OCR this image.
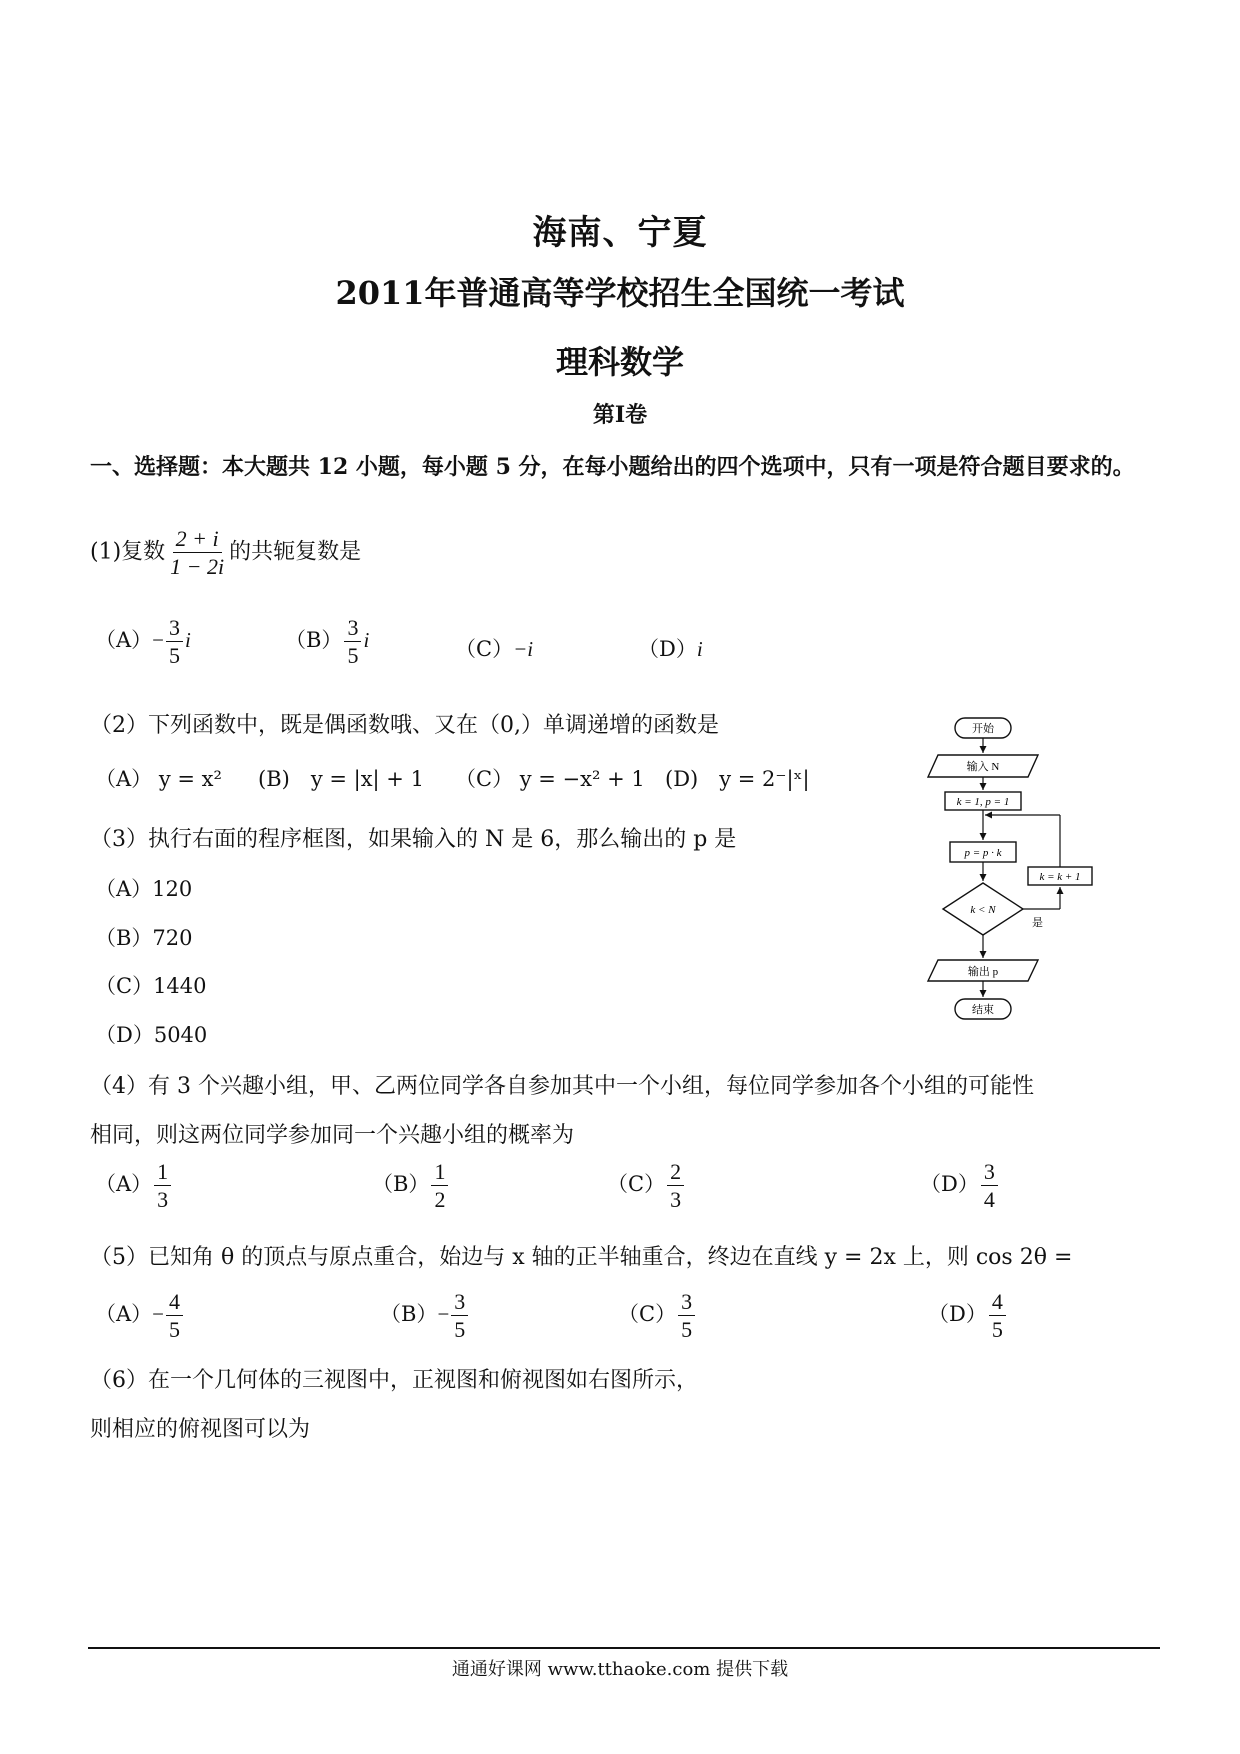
海南、宁夏
2011年普通高等学校招生全国统一考试
理科数学
第Ⅰ卷
一、选择题：本大题共 12 小题，每小题 5 分，在每小题给出的四个选项中，只有一项是符合题目要求的。
(1)复数 $\frac{2 + i}{1 - 2i}$ 的共轭复数是
$(A)- \frac{3}{5}$ i	$(B) \frac{3}{5}$ i	（C）−i	（D）i
（2）下列函数中，既是偶函数哦、又在（0,）单调递增的函数是
（A） y = x² (B)　y = |x| + 1 （C） y = −x² + 1 (D)　y = 2⁻|ˣ|
（3）执行右面的程序框图，如果输入的 N 是 6，那么输出的 p 是
（A）120
（B）720
（C）1440
（D）5040
开始
输入 N
k = 1, p = 1
p = p · k
k < N
是
k = k + 1
输出 p
结束
（4）有 3 个兴趣小组，甲、乙两位同学各自参加其中一个小组，每位同学参加各个小组的可能性
相同，则这两位同学参加同一个兴趣小组的概率为
$(A) \frac{1}{3}$	$(B) \frac{1}{2}$	$(C) \frac{2}{3}$	$(D) \frac{3}{4}$
（5）已知角 θ 的顶点与原点重合，始边与 x 轴的正半轴重合，终边在直线 y = 2x 上，则 cos 2θ =
$(A)- \frac{4}{5}$	$(B)- \frac{3}{5}$	$(C) \frac{3}{5}$	$(D) \frac{4}{5}$
（6）在一个几何体的三视图中，正视图和俯视图如右图所示，
则相应的俯视图可以为
通通好课网 www.tthaoke.com 提供下载
